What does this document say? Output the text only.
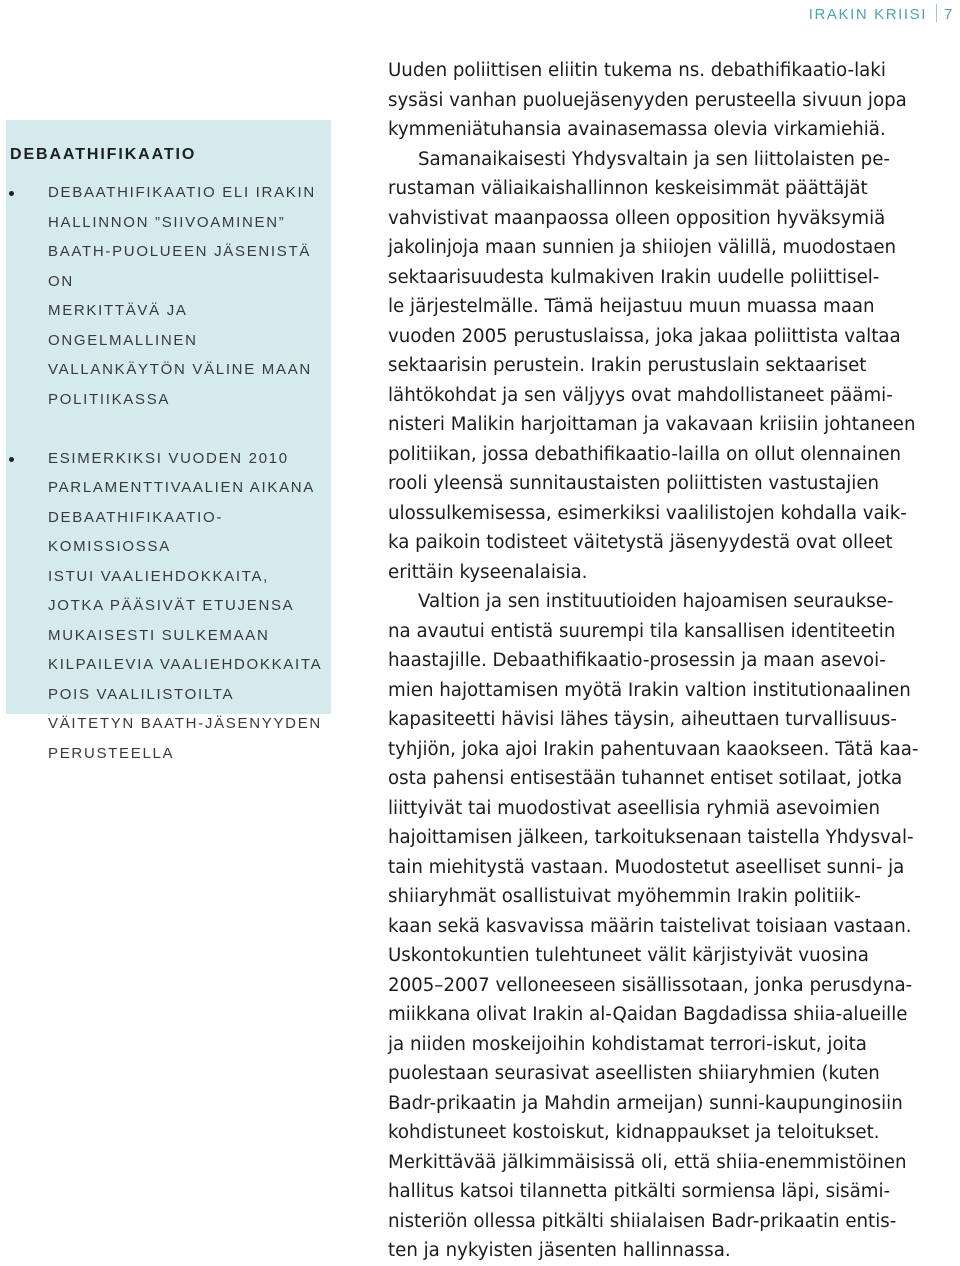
IRAKIN KRIISI 7
DEBAATHIFIKAATIO
DEBAATHIFIKAATIO ELI IRAKIN
HALLINNON ”SIIVOAMINEN”
BAATH-PUOLUEEN JÄSENISTÄ ON
MERKITTÄVÄ JA ONGELMALLINEN
VALLANKÄYTÖN VÄLINE MAAN
POLITIIKASSA
ESIMERKIKSI VUODEN 2010
PARLAMENTTIVAALIEN AIKANA
DEBAATHIFIKAATIO-KOMISSIOSSA
ISTUI VAALIEHDOKKAITA,
JOTKA PÄÄSIVÄT ETUJENSA
MUKAISESTI SULKEMAAN
KILPAILEVIA VAALIEHDOKKAITA
POIS VAALILISTOILTA
VÄITETYN BAATH-JÄSENYYDEN
PERUSTEELLA

Uuden poliittisen eliitin tukema ns. debathifikaatio-laki
sysäsi vanhan puoluejäsenyyden perusteella sivuun jopa
kymmeniätuhansia avainasemassa olevia virkamiehiä.

Samanaikaisesti Yhdysvaltain ja sen liittolaisten pe-
rustaman väliaikaishallinnon keskeisimmät päättäjät
vahvistivat maanpaossa olleen opposition hyväksymiä
jakolinjoja maan sunnien ja shiiojen välillä, muodostaen
sektaarisuudesta kulmakiven Irakin uudelle poliittisel-
le järjestelmälle. Tämä heijastuu muun muassa maan
vuoden 2005 perustuslaissa, joka jakaa poliittista valtaa
sektaarisin perustein. Irakin perustuslain sektaariset
lähtökohdat ja sen väljyys ovat mahdollistaneet päämi-
nisteri Malikin harjoittaman ja vakavaan kriisiin johtaneen
politiikan, jossa debathifikaatio-lailla on ollut olennainen
rooli yleensä sunnitaustaisten poliittisten vastustajien
ulossulkemisessa, esimerkiksi vaalilistojen kohdalla vaik-
ka paikoin todisteet väitetystä jäsenyydestä ovat olleet
erittäin kyseenalaisia.

Valtion ja sen instituutioiden hajoamisen seurauksе-
na avautui entistä suurempi tila kansallisen identiteetin
haastajille. Debaathifikaatio-prosessin ja maan asevoi-
mien hajottamisen myötä Irakin valtion institutionaalinen
kapasiteetti hävisi lähes täysin, aiheuttaen turvallisuus-
tyhjiön, joka ajoi Irakin pahentuvaan kaaokseen. Tätä kaa-
osta pahensi entisestään tuhannet entiset sotilaat, jotka
liittyivät tai muodostivat aseellisia ryhmiä asevoimien
hajoittamisen jälkeen, tarkoituksenaan taistella Yhdysval-
tain miehitystä vastaan. Muodostetut aseelliset sunni- ja
shiiaryhmät osallistuivat myöhemmin Irakin politiik-
kaan sekä kasvavissa määrin taistelivat toisiaan vastaan.
Uskontokuntien tulehtuneet välit kärjistyivät vuosina
2005–2007 velloneeseen sisällissotaan, jonka perusdyna-
miikkana olivat Irakin al-Qaidan Bagdadissa shiia-alueille
ja niiden moskeijoihin kohdistamat terrori-iskut, joita
puolestaan seurasivat aseellisten shiiaryhmien (kuten
Badr-prikaatin ja Mahdin armeijan) sunni-kaupunginosiin
kohdistuneet kostoiskut, kidnappaukset ja teloitukset.
Merkittävää jälkimmäisissä oli, että shiia-enemmistöinen
hallitus katsoi tilannetta pitkälti sormiensa läpi, sisämi-
nisteriön ollessa pitkälti shiialaisen Badr-prikaatin entis-
ten ja nykyisten jäsenten hallinnassa.
